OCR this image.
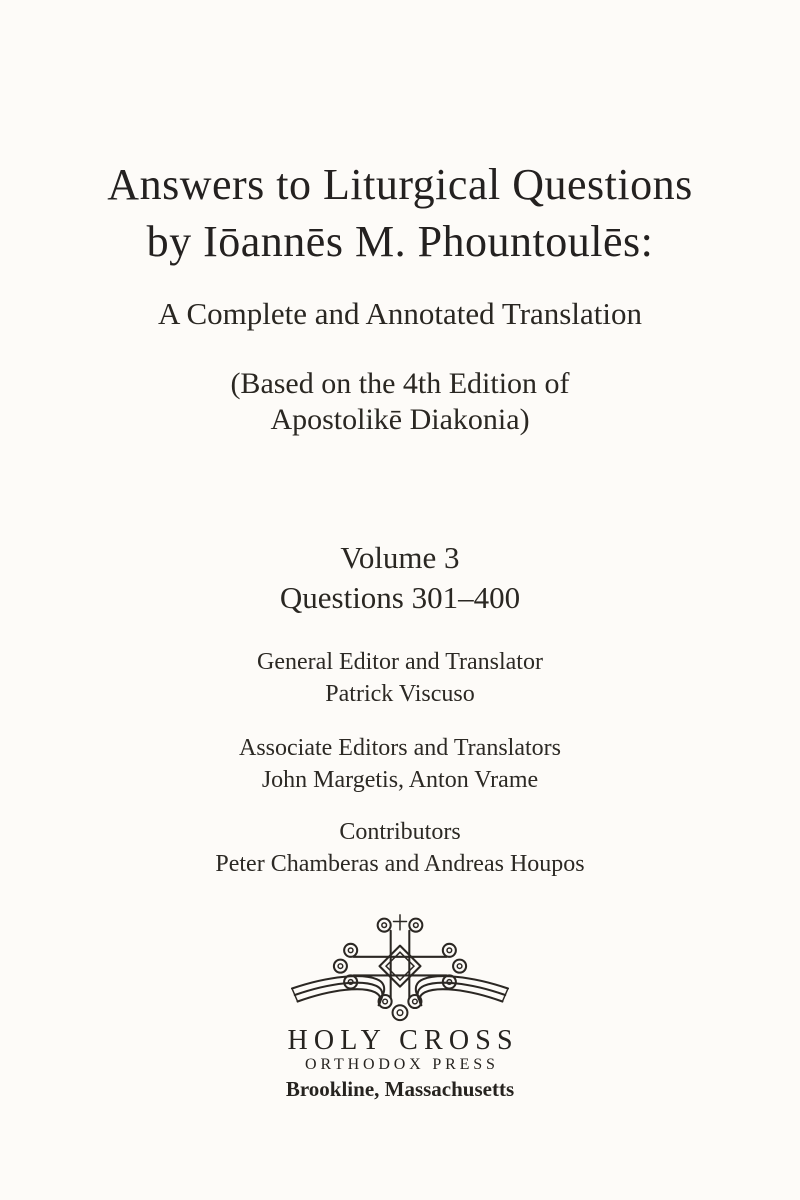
Answers to Liturgical Questions
by Iōannēs M. Phountoulēs:
A Complete and Annotated Translation
(Based on the 4th Edition of
Apostolikē Diakonia)
Volume 3
Questions 301–400
General Editor and Translator
Patrick Viscuso
Associate Editors and Translators
John Margetis, Anton Vrame
Contributors
Peter Chamberas and Andreas Houpos
HOLY CROSS
ORTHODOX PRESS
Brookline, Massachusetts
